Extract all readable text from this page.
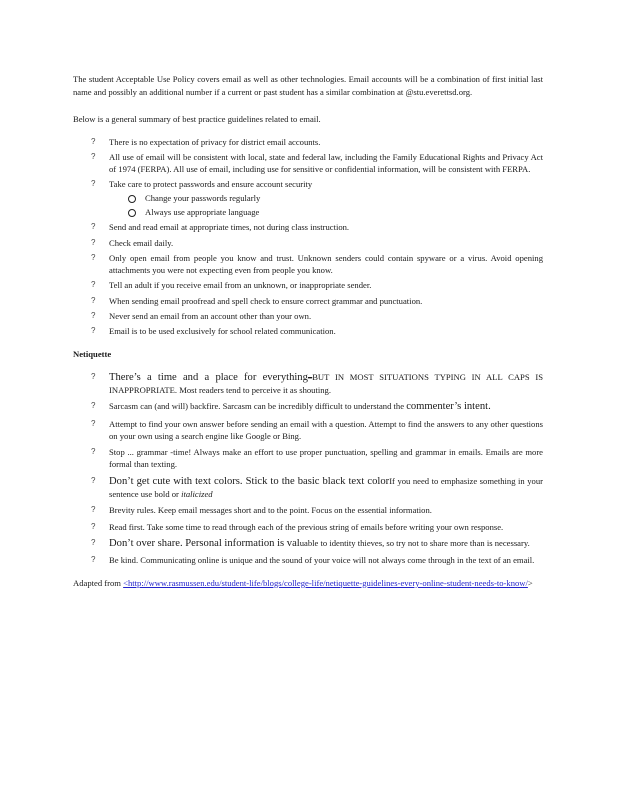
The student Acceptable Use Policy covers email as well as other technologies. Email accounts will be a combination of first initial last name and possibly an additional number if a current or past student has a similar combination at @stu.everettsd.org.

Below is a general summary of best practice guidelines related to email.

? There is no expectation of privacy for district email accounts.
? All use of email will be consistent with local, state and federal law, including the Family Educational Rights and Privacy Act of 1974 (FERPA). All use of email, including use for sensitive or confidential information, will be consistent with FERPA.
? Take care to protect passwords and ensure account security
Change your passwords regularly
Always use appropriate language
? Send and read email at appropriate times, not during class instruction.
? Check email daily.
? Only open email from people you know and trust. Unknown senders could contain spyware or a virus. Avoid opening attachments you were not expecting even from people you know.
? Tell an adult if you receive email from an unknown, or inappropriate sender.
? When sending email proofread and spell check to ensure correct grammar and punctuation.
? Never send an email from an account other than your own.
? Email is to be used exclusively for school related communication.
Netiquette
? There’s a time and a place for everything–BUT IN MOST SITUATIONS TYPING IN ALL CAPS IS INAPPROPRIATE. Most readers tend to perceive it as shouting.
? Sarcasm can (and will) backfire. Sarcasm can be incredibly difficult to understand the commenter’s intent.
? Attempt to find your own answer before sending an email with a question. Attempt to find the answers to any other questions on your own using a search engine like Google or Bing.
? Stop ... grammar -time! Always make an effort to use proper punctuation, spelling and grammar in emails. Emails are more formal than texting.
? Don’t get cute with text colors. Stick to the basic black text colorIf you need to emphasize something in your sentence use bold or italicized
? Brevity rules. Keep email messages short and to the point. Focus on the essential information.
? Read first. Take some time to read through each of the previous string of emails before writing your own response.
? Don’t over share. Personal information is valuable to identity thieves, so try not to share more than is necessary.
? Be kind. Communicating online is unique and the sound of your voice will not always come through in the text of an email.

Adapted from <http://www.rasmussen.edu/student-life/blogs/college-life/netiquette-guidelines-every-online-student-needs-to-know/>
